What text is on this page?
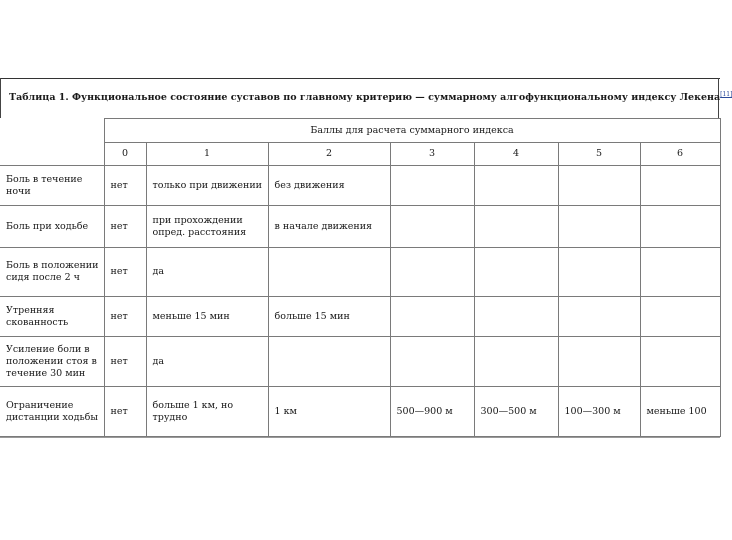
Таблица 1. Функциональное состояние суставов по главному критерию — суммарному алгофункциональному индексу Лекена[11]
	Баллы для расчета суммарного индекса						
	0	1	2	3	4	5	6
Боль в течение ночи	нет	только при движении	без движения				
Боль при ходьбе	нет	при прохождении опред. расстояния	в начале движения				
Боль в положении сидя после 2 ч	нет	да					
Утренняя скованность	нет	меньше 15 мин	больше 15 мин				
Усиление боли в положении стоя в течение 30 мин	нет	да					
Ограничение дистанции ходьбы	нет	больше 1 км, но трудно	1 км	500—900 м	300—500 м	100—300 м	меньше 100
